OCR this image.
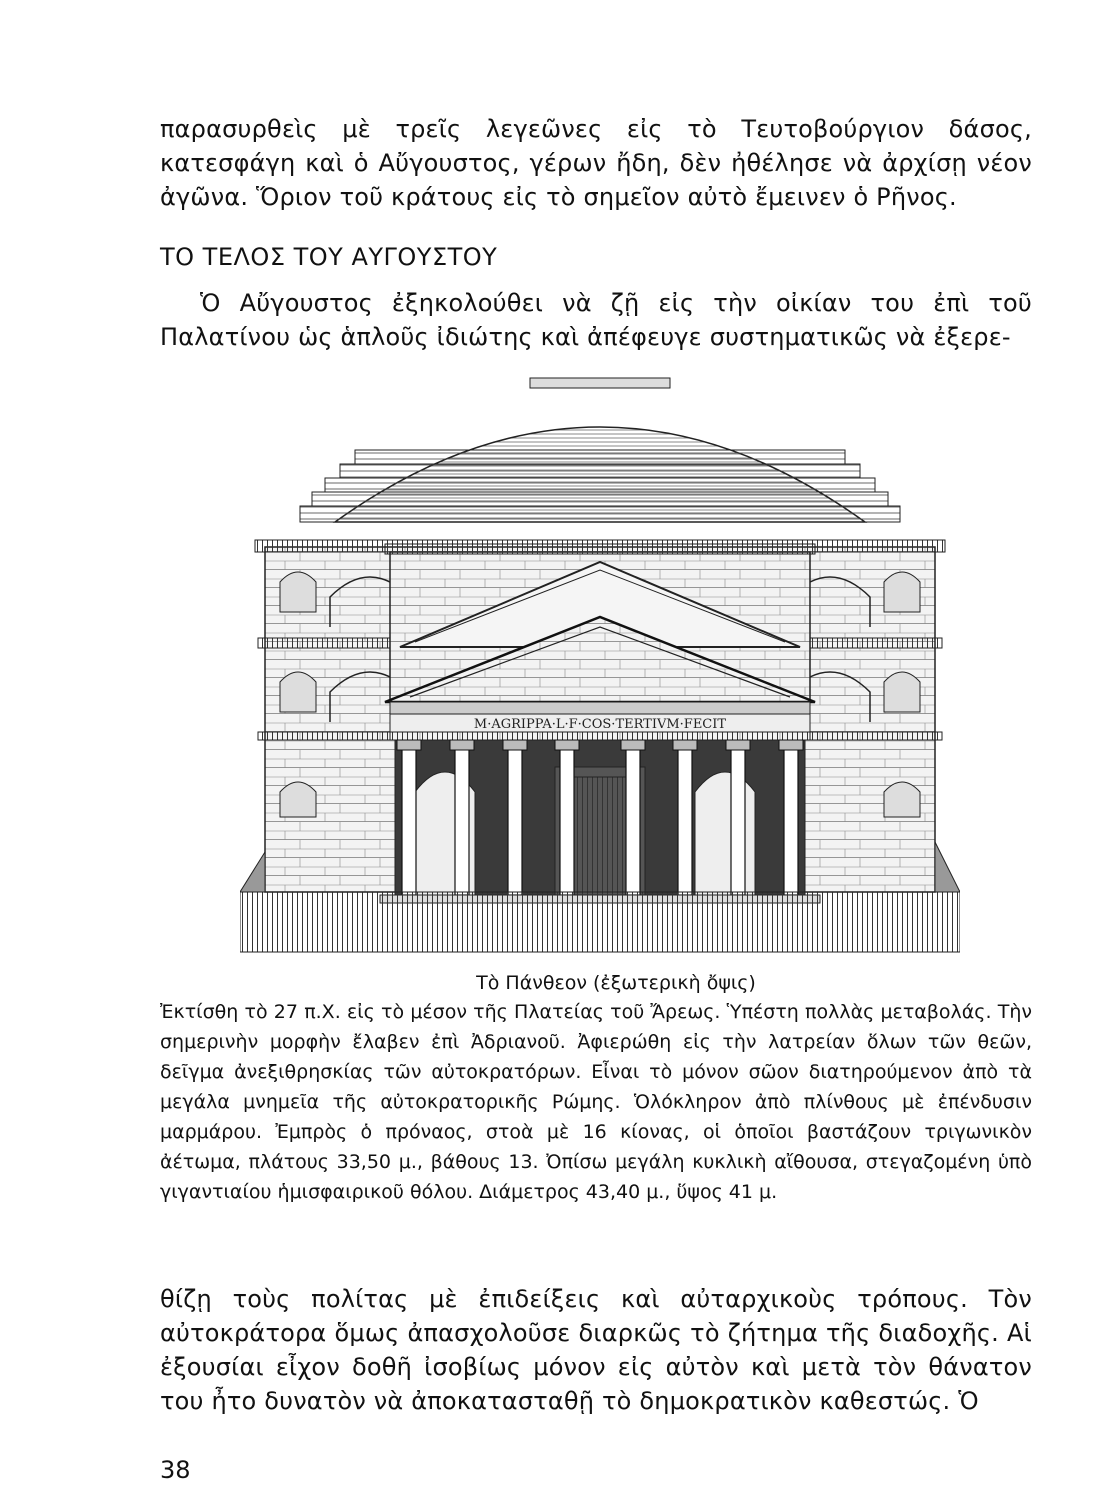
παρασυρθεὶς μὲ τρεῖς λεγεῶνες εἰς τὸ Τευτοβούργιον δάσος, κατεσφάγη καὶ ὁ Αὔγουστος, γέρων ἤδη, δὲν ἠθέλησε νὰ ἀρχίσῃ νέον ἀγῶνα. Ὅριον τοῦ κράτους εἰς τὸ σημεῖον αὐτὸ ἔμεινεν ὁ Ρῆνος.

ΤΟ ΤΕΛΟΣ ΤΟΥ ΑΥΓΟΥΣΤΟΥ

Ὁ Αὔγουστος ἐξηκολούθει νὰ ζῇ εἰς τὴν οἰκίαν του ἐπὶ τοῦ Παλατίνου ὡς ἁπλοῦς ἰδιώτης καὶ ἀπέφευγε συστηματικῶς νὰ ἐξερε-

M·AGRIPPA·L·F·COS·TERTIVM·FECIT

Τὸ Πάνθεον (ἐξωτερικὴ ὄψις)

Ἐκτίσθη τὸ 27 π.Χ. εἰς τὸ μέσον τῆς Πλατείας τοῦ Ἄρεως. Ὑπέστη πολλὰς μεταβολάς. Τὴν σημερινὴν μορφὴν ἔλαβεν ἐπὶ Ἀδριανοῦ. Ἀφιερώθη εἰς τὴν λατρείαν ὅλων τῶν θεῶν, δεῖγμα ἀνεξιθρησκίας τῶν αὐτοκρατόρων. Εἶναι τὸ μόνον σῶον διατηρούμενον ἀπὸ τὰ μεγάλα μνημεῖα τῆς αὐτοκρατορικῆς Ρώμης. Ὁλόκληρον ἀπὸ πλίνθους μὲ ἐπένδυσιν μαρμάρου. Ἐμπρὸς ὁ πρόναος, στοὰ μὲ 16 κίονας, οἱ ὁποῖοι βαστάζουν τριγωνικὸν ἀέτωμα, πλάτους 33,50 μ., βάθους 13. Ὀπίσω μεγάλη κυκλικὴ αἴθουσα, στεγαζομένη ὑπὸ γιγαντιαίου ἡμισφαιρικοῦ θόλου. Διάμετρος 43,40 μ., ὕψος 41 μ.

θίζῃ τοὺς πολίτας μὲ ἐπιδείξεις καὶ αὐταρχικοὺς τρόπους. Τὸν αὐτοκράτορα ὅμως ἀπασχολοῦσε διαρκῶς τὸ ζήτημα τῆς διαδοχῆς. Αἱ ἐξουσίαι εἶχον δοθῆ ἰσοβίως μόνον εἰς αὐτὸν καὶ μετὰ τὸν θάνατον του ἦτο δυνατὸν νὰ ἀποκατασταθῇ τὸ δημοκρατικὸν καθεστώς. Ὁ

38
